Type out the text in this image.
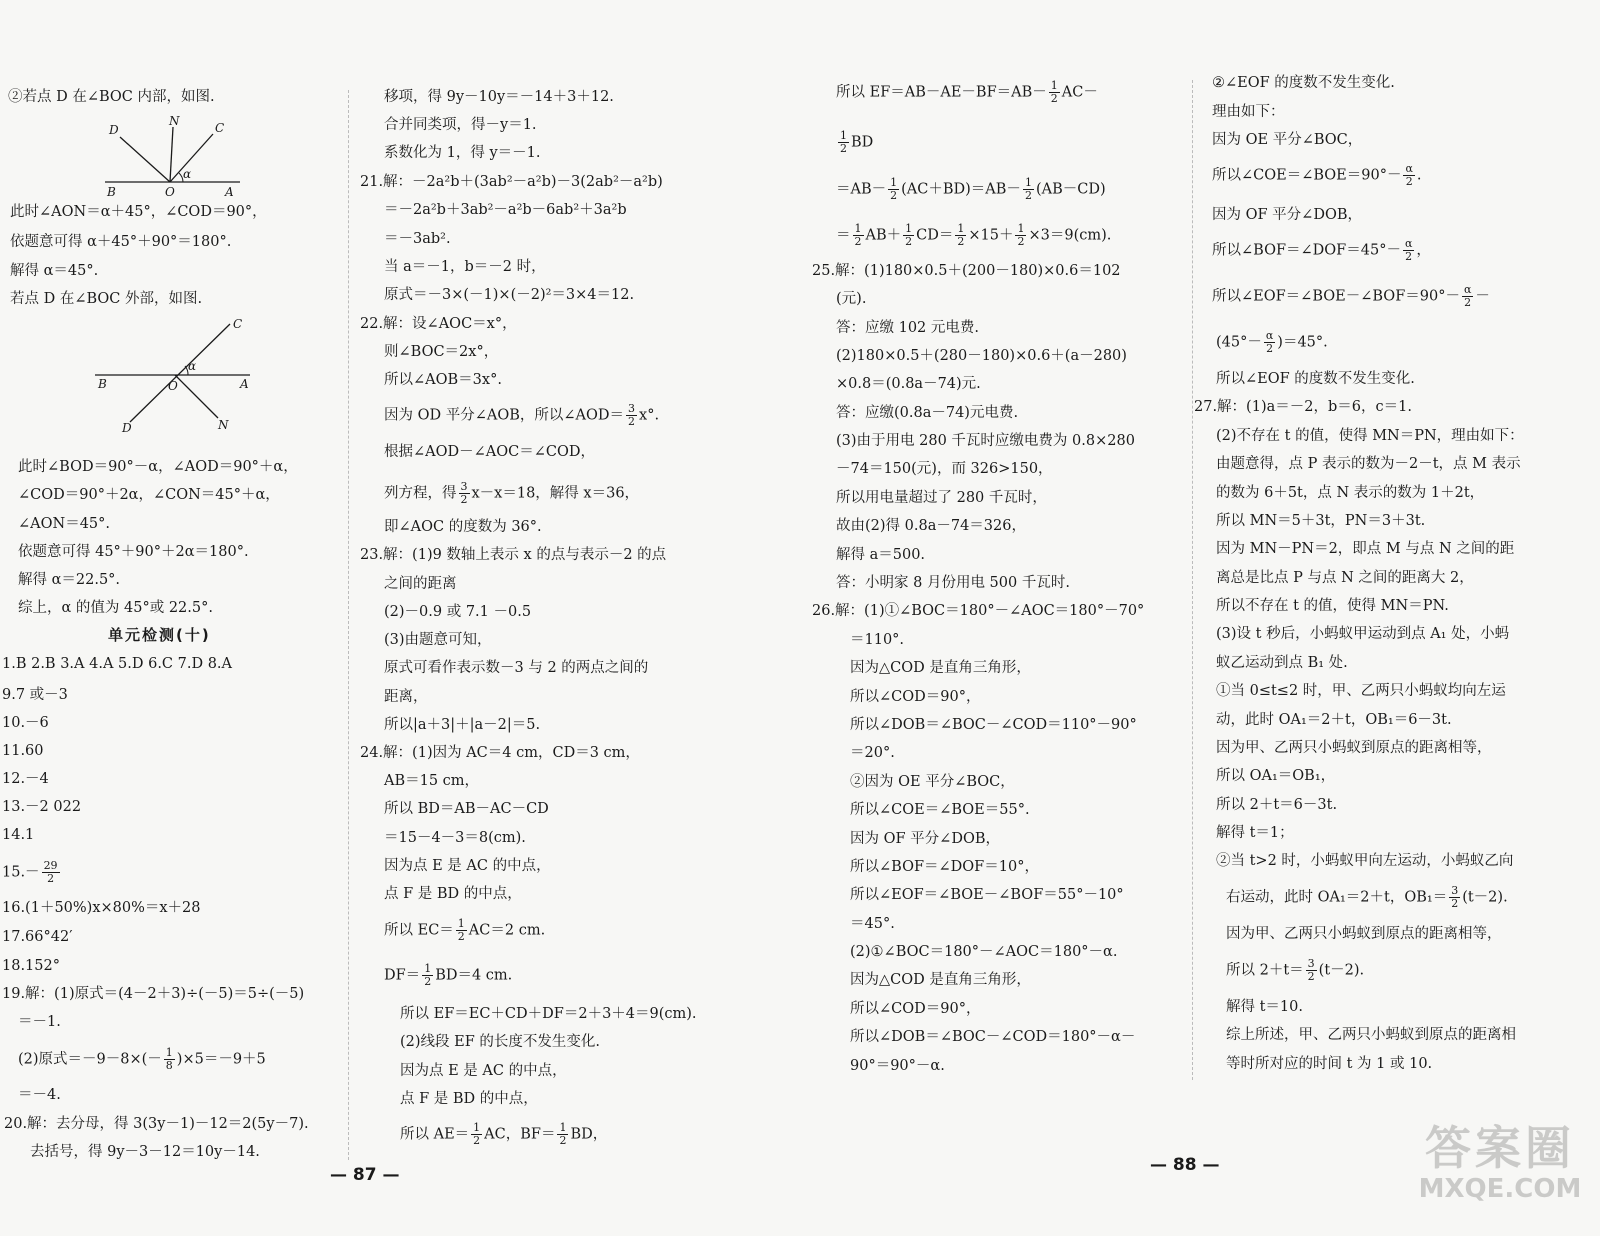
②若点 D 在∠BOC 内部，如图.
D
N	C
B	O	A
α
此时∠AON＝α＋45°，∠COD＝90°，
依题意可得 α＋45°＋90°＝180°.
解得 α＝45°.
若点 D 在∠BOC 外部，如图.
C
B	O	A
D	N
α
此时∠BOD＝90°－α，∠AOD＝90°＋α，
∠COD＝90°＋2α，∠CON＝45°＋α，
∠AON＝45°.
依题意可得 45°＋90°＋2α＝180°.
解得 α＝22.5°.
综上，α 的值为 45°或 22.5°.
单元检测(十)
1.B 2.B 3.A 4.A 5.D 6.C 7.D 8.A
9.7 或－3
10.－6
11.60
12.－4
13.－2 022
14.1
$15.- \frac{29}{2}$
16.(1＋50%)x×80%＝x＋28
17.66°42′
18.152°
19.解：(1)原式＝(4－2＋3)÷(－5)＝5÷(－5)
＝－1.
(2)原式$=-9-8\times(- \frac{1}{8} )\times 5=-9+5$
＝－4.
20.解：去分母，得 3(3y－1)－12＝2(5y－7).
去括号，得 9y－3－12＝10y－14.
移项，得 9y－10y＝－14＋3＋12.
合并同类项，得－y＝1.
系数化为 1，得 y＝－1.
21.解：－2a²b＋(3ab²－a²b)－3(2ab²－a²b)
＝－2a²b＋3ab²－a²b－6ab²＋3a²b
＝－3ab².
当 a＝－1，b＝－2 时，
原式＝－3×(－1)×(－2)²＝3×4＝12.
22.解：设∠AOC＝x°，
则∠BOC＝2x°，
所以∠AOB＝3x°.
因为 OD 平分∠AOB，所以∠AOD＝ $\frac{3}{2} x^\circ$.
根据∠AOD－∠AOC＝∠COD，
列方程，得 $\frac{3}{2} x-x=18$，解得 x＝36，
即∠AOC 的度数为 36°.
23.解：(1)9 数轴上表示 x 的点与表示－2 的点
之间的距离
(2)－0.9 或 7.1 －0.5
(3)由题意可知，
原式可看作表示数－3 与 2 的两点之间的
距离，
所以|a＋3|＋|a－2|＝5.
24.解：(1)因为 AC＝4 cm，CD＝3 cm，
AB＝15 cm，
所以 BD＝AB－AC－CD
＝15－4－3＝8(cm).
因为点 E 是 AC 的中点，
点 F 是 BD 的中点，
所以 $EC= \frac{1}{2} AC=2$ cm.
$DF= \frac{1}{2} BD=4$ cm.
所以 EF＝EC＋CD＋DF＝2＋3＋4＝9(cm).
(2)线段 EF 的长度不发生变化.
因为点 E 是 AC 的中点，
点 F 是 BD 的中点，
所以 $AE= \frac{1}{2}$ AC，$BF= \frac{1}{2}$ BD，
— 87 —
所以 $EF=AB-AE-BF=AB- \frac{1}{2} AC-$
$\frac{1}{2}$ BD
$=AB- \frac{1}{2} (AC+BD)=AB- \frac{1}{2} (AB-CD)$
＝ $\frac{1}{2} AB+ \frac{1}{2} CD= \frac{1}{2} \times 15+ \frac{1}{2} \times 3=9(cm)$.
25.解：(1)180×0.5＋(200－180)×0.6＝102
(元).
答：应缴 102 元电费.
(2)180×0.5＋(280－180)×0.6＋(a－280)
×0.8＝(0.8a－74)元.
答：应缴(0.8a－74)元电费.
(3)由于用电 280 千瓦时应缴电费为 0.8×280
－74＝150(元)，而 326>150，
所以用电量超过了 280 千瓦时，
故由(2)得 0.8a－74＝326，
解得 a＝500.
答：小明家 8 月份用电 500 千瓦时.
26.解：(1)①∠BOC＝180°－∠AOC＝180°－70°
＝110°.
因为△COD 是直角三角形，
所以∠COD＝90°，
所以∠DOB＝∠BOC－∠COD＝110°－90°
＝20°.
②因为 OE 平分∠BOC，
所以∠COE＝∠BOE＝55°.
因为 OF 平分∠DOB，
所以∠BOF＝∠DOF＝10°，
所以∠EOF＝∠BOE－∠BOF＝55°－10°
＝45°.
(2)①∠BOC＝180°－∠AOC＝180°－α.
因为△COD 是直角三角形，
所以∠COD＝90°，
所以∠DOB＝∠BOC－∠COD＝180°－α－
90°＝90°－α.
②∠EOF 的度数不发生变化.
理由如下：
因为 OE 平分∠BOC，
所以∠COE＝∠BOE＝90°－ $\frac{\alpha}{2}$ .
因为 OF 平分∠DOB，
所以∠BOF＝∠DOF＝45°－ $\frac{\alpha}{2}$ ，
所以∠EOF＝∠BOE－∠BOF＝90°－ $\frac{\alpha}{2}$ －
$(45^\circ- \frac{\alpha}{2} )=45^\circ$.
所以∠EOF 的度数不发生变化.
27.解：(1)a＝－2，b＝6，c＝1.
(2)不存在 t 的值，使得 MN＝PN，理由如下：
由题意得，点 P 表示的数为－2－t，点 M 表示
的数为 6＋5t，点 N 表示的数为 1＋2t，
所以 MN＝5＋3t，PN＝3＋3t.
因为 MN－PN＝2，即点 M 与点 N 之间的距
离总是比点 P 与点 N 之间的距离大 2，
所以不存在 t 的值，使得 MN＝PN.
(3)设 t 秒后，小蚂蚁甲运动到点 A₁ 处，小蚂
蚁乙运动到点 B₁ 处.
①当 0≤t≤2 时，甲、乙两只小蚂蚁均向左运
动，此时 OA₁＝2＋t，OB₁＝6－3t.
因为甲、乙两只小蚂蚁到原点的距离相等，
所以 OA₁＝OB₁，
所以 2＋t＝6－3t.
解得 t＝1；
②当 t>2 时，小蚂蚁甲向左运动，小蚂蚁乙向
右运动，此时 OA₁＝2＋t，$OB_1= \frac{3}{2} (t-2)$.
因为甲、乙两只小蚂蚁到原点的距离相等，
所以 $2+t= \frac{3}{2} (t-2)$.
解得 t＝10.
综上所述，甲、乙两只小蚂蚁到原点的距离相
等时所对应的时间 t 为 1 或 10.
— 88 —	答案圈
MXQE.COM
